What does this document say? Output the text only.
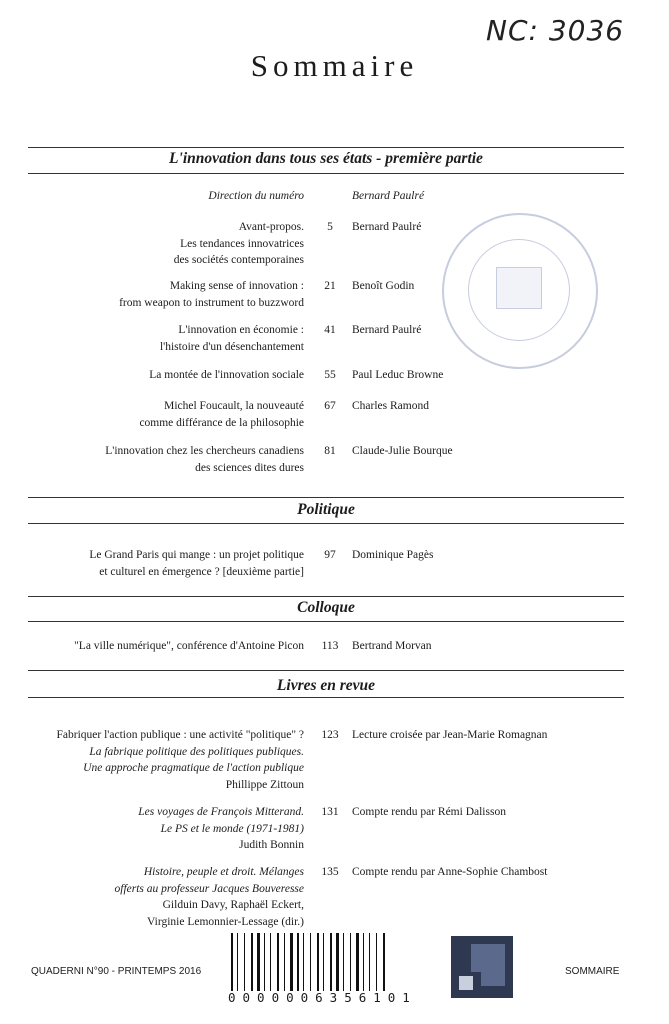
NC: 3036
Sommaire
L'innovation dans tous ses états - première partie
Direction du numéro	Bernard Paulré
Avant-propos.
Les tendances innovatrices
des sociétés contemporaines
5	Bernard Paulré
Making sense of innovation :
from weapon to instrument to buzzword
21	Benoît Godin
L'innovation en économie :
l'histoire d'un désenchantement
41	Bernard Paulré
La montée de l'innovation sociale	55	Paul Leduc Browne
Michel Foucault, la nouveauté
comme différance de la philosophie
67	Charles Ramond
L'innovation chez les chercheurs canadiens
des sciences dites dures
81	Claude-Julie Bourque
Politique
Le Grand Paris qui mange : un projet politique
et culturel en émergence ? [deuxième partie]
97	Dominique Pagès
Colloque
"La ville numérique", conférence d'Antoine Picon	113	Bertrand Morvan
Livres en revue
Fabriquer l'action publique : une activité "politique" ?
La fabrique politique des politiques publiques.
Une approche pragmatique de l'action publique
Phillippe Zittoun
123 Lecture croisée par Jean-Marie Romagnan
Les voyages de François Mitterand.
Le PS et le monde (1971-1981)
Judith Bonnin
131 Compte rendu par Rémi Dalisson
Histoire, peuple et droit. Mélanges
offerts au professeur Jacques Bouveresse
Gilduin Davy, Raphaël Eckert,
Virginie Lemonnier-Lessage (dir.)
135 Compte rendu par Anne-Sophie Chambost
QUADERNI N°90 - PRINTEMPS 2016	SOMMAIRE
0000006356101
